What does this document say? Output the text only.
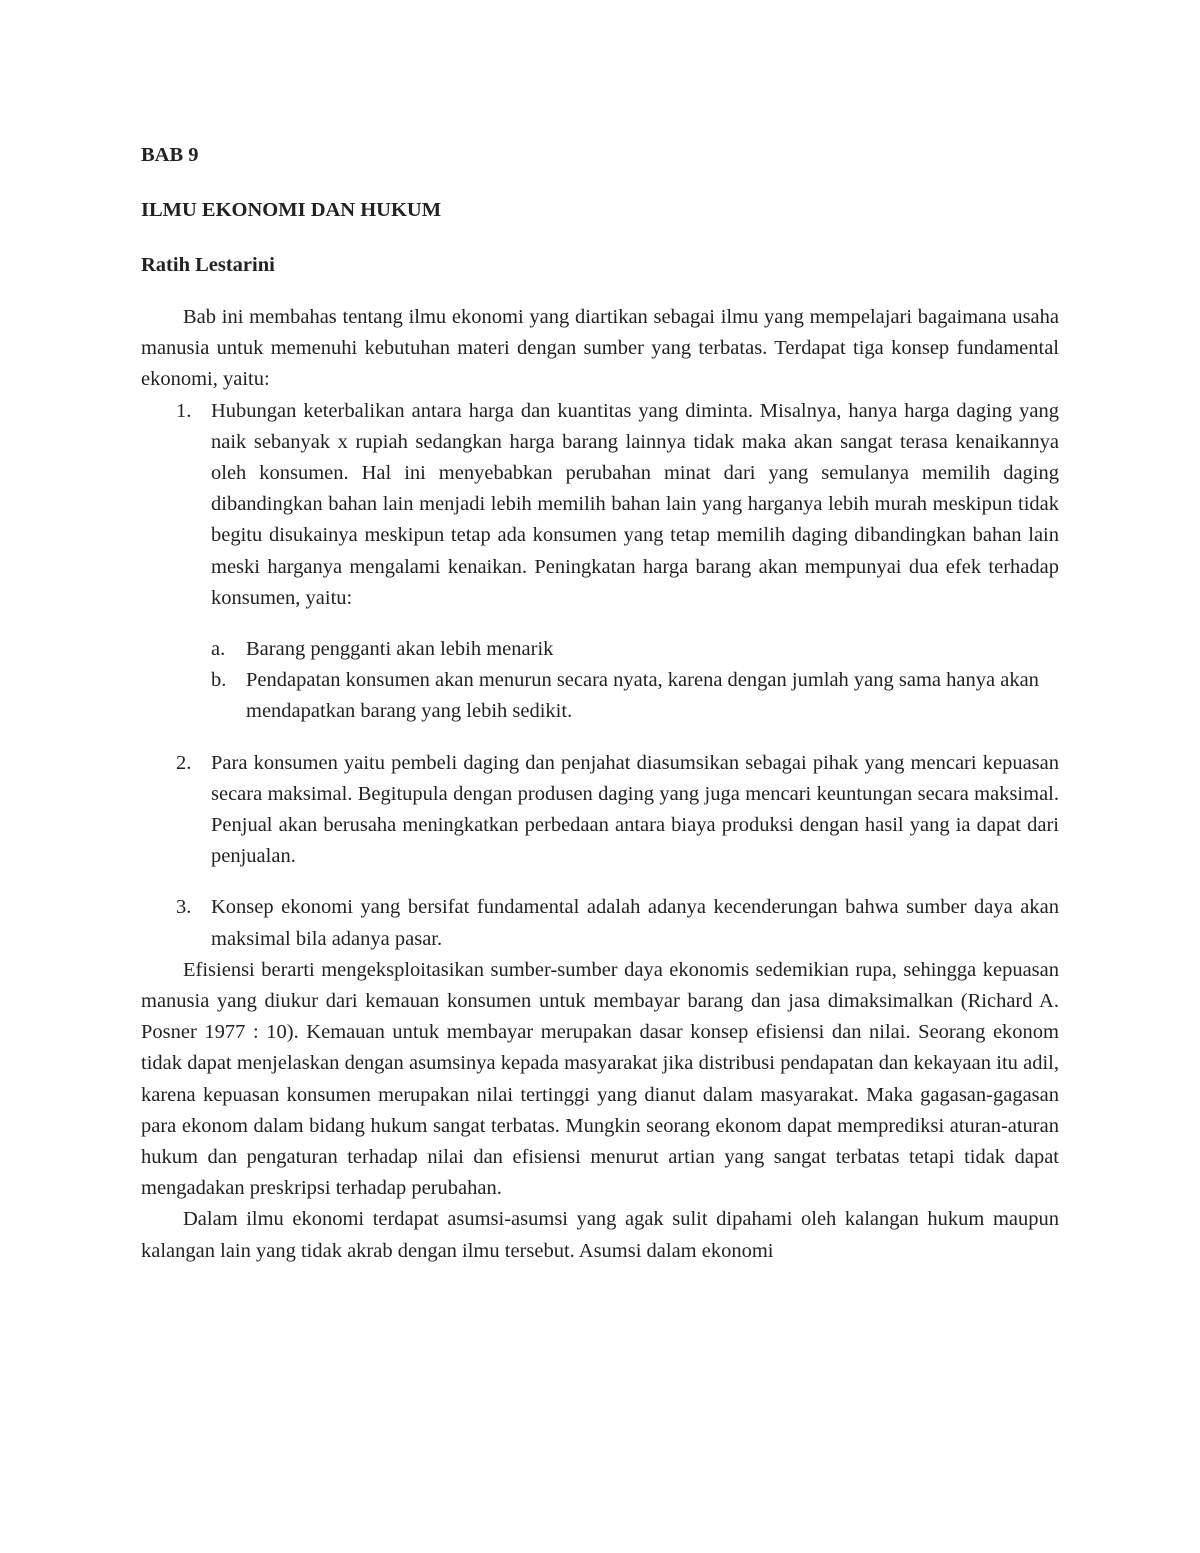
BAB 9
ILMU EKONOMI DAN HUKUM
Ratih Lestarini

Bab ini membahas tentang ilmu ekonomi yang diartikan sebagai ilmu yang mempelajari bagaimana usaha manusia untuk memenuhi kebutuhan materi dengan sumber yang terbatas. Terdapat tiga konsep fundamental ekonomi, yaitu:

1. Hubungan keterbalikan antara harga dan kuantitas yang diminta. Misalnya, hanya harga daging yang naik sebanyak x rupiah sedangkan harga barang lainnya tidak maka akan sangat terasa kenaikannya oleh konsumen. Hal ini menyebabkan perubahan minat dari yang semulanya memilih daging dibandingkan bahan lain menjadi lebih memilih bahan lain yang harganya lebih murah meskipun tidak begitu disukainya meskipun tetap ada konsumen yang tetap memilih daging dibandingkan bahan lain meski harganya mengalami kenaikan. Peningkatan harga barang akan mempunyai dua efek terhadap konsumen, yaitu:
a. Barang pengganti akan lebih menarik
b. Pendapatan konsumen akan menurun secara nyata, karena dengan jumlah yang sama hanya akan mendapatkan barang yang lebih sedikit.
2. Para konsumen yaitu pembeli daging dan penjahat diasumsikan sebagai pihak yang mencari kepuasan secara maksimal. Begitupula dengan produsen daging yang juga mencari keuntungan secara maksimal. Penjual akan berusaha meningkatkan perbedaan antara biaya produksi dengan hasil yang ia dapat dari penjualan.
3. Konsep ekonomi yang bersifat fundamental adalah adanya kecenderungan bahwa sumber daya akan maksimal bila adanya pasar.

Efisiensi berarti mengeksploitasikan sumber-sumber daya ekonomis sedemikian rupa, sehingga kepuasan manusia yang diukur dari kemauan konsumen untuk membayar barang dan jasa dimaksimalkan (Richard A. Posner 1977 : 10). Kemauan untuk membayar merupakan dasar konsep efisiensi dan nilai. Seorang ekonom tidak dapat menjelaskan dengan asumsinya kepada masyarakat jika distribusi pendapatan dan kekayaan itu adil, karena kepuasan konsumen merupakan nilai tertinggi yang dianut dalam masyarakat. Maka gagasan-gagasan para ekonom dalam bidang hukum sangat terbatas. Mungkin seorang ekonom dapat memprediksi aturan-aturan hukum dan pengaturan terhadap nilai dan efisiensi menurut artian yang sangat terbatas tetapi tidak dapat mengadakan preskripsi terhadap perubahan.

Dalam ilmu ekonomi terdapat asumsi-asumsi yang agak sulit dipahami oleh kalangan hukum maupun kalangan lain yang tidak akrab dengan ilmu tersebut. Asumsi dalam ekonomi
